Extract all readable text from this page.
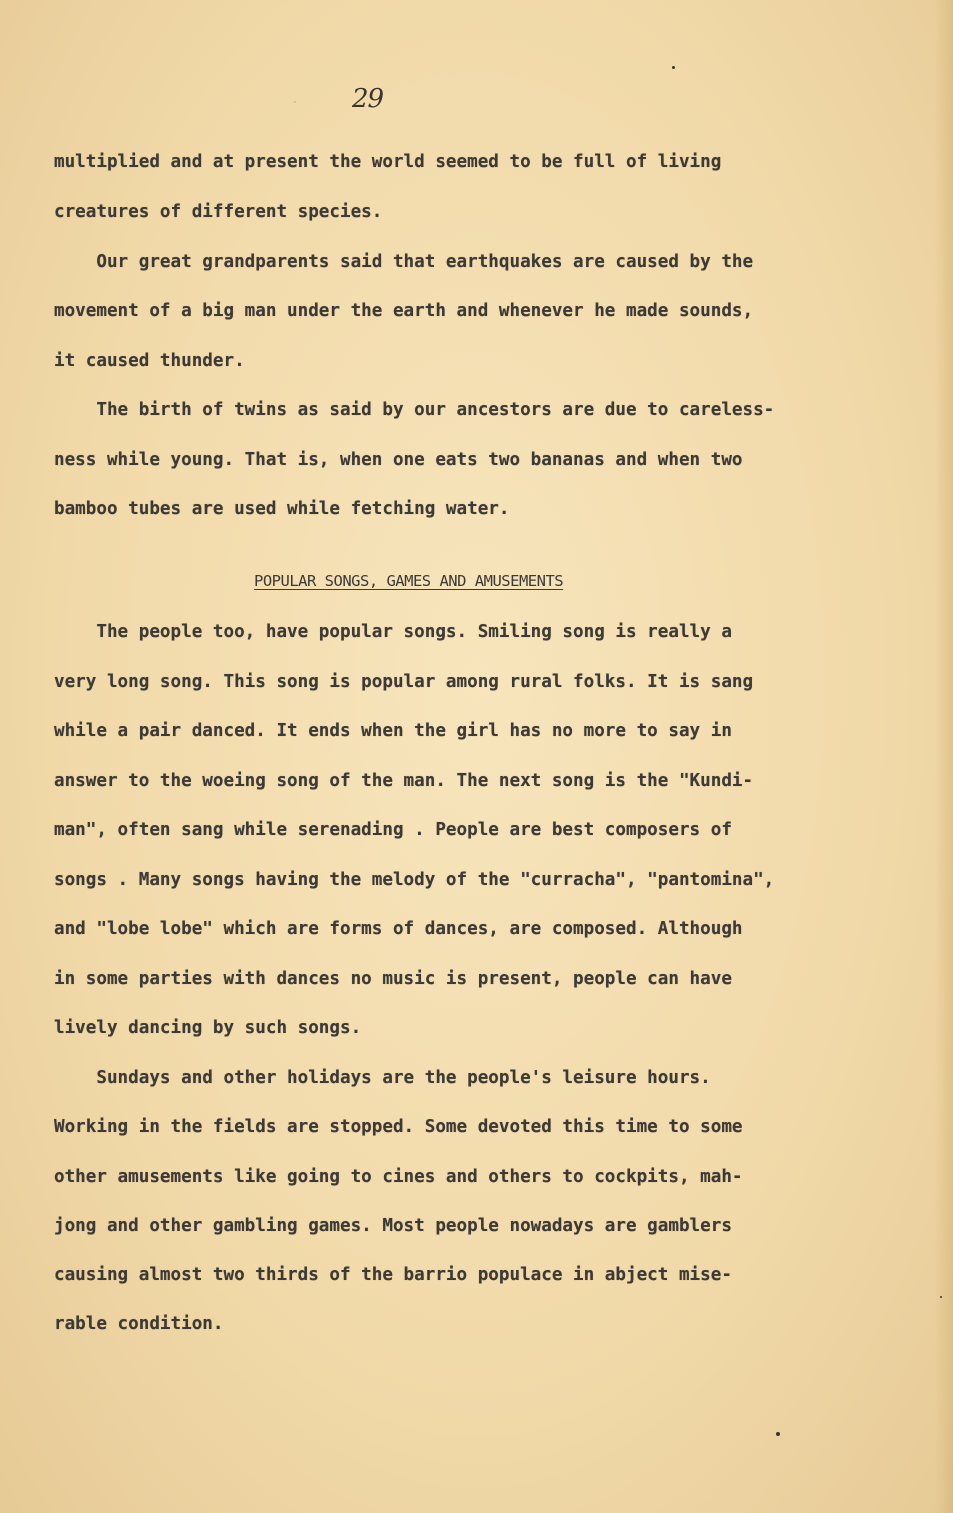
· 29
multiplied and at present the world seemed to be full of living
creatures of different species.
Our great grandparents said that earthquakes are caused by the
movement of a big man under the earth and whenever he made sounds,
it caused thunder.
The birth of twins as said by our ancestors are due to careless-
ness while young. That is, when one eats two bananas and when two
bamboo tubes are used while fetching water.
POPULAR SONGS, GAMES AND AMUSEMENTS
The people too, have popular songs. Smiling song is really a
very long song. This song is popular among rural folks. It is sang
while a pair danced. It ends when the girl has no more to say in
answer to the woeing song of the man. The next song is the "Kundi-
man", often sang while serenading . People are best composers of
songs . Many songs having the melody of the "curracha", "pantomina",
and "lobe lobe" which are forms of dances, are composed. Although
in some parties with dances no music is present, people can have
lively dancing by such songs.
Sundays and other holidays are the people's leisure hours.
Working in the fields are stopped. Some devoted this time to some
other amusements like going to cines and others to cockpits, mah-
jong and other gambling games. Most people nowadays are gamblers
causing almost two thirds of the barrio populace in abject mise-
rable condition.
